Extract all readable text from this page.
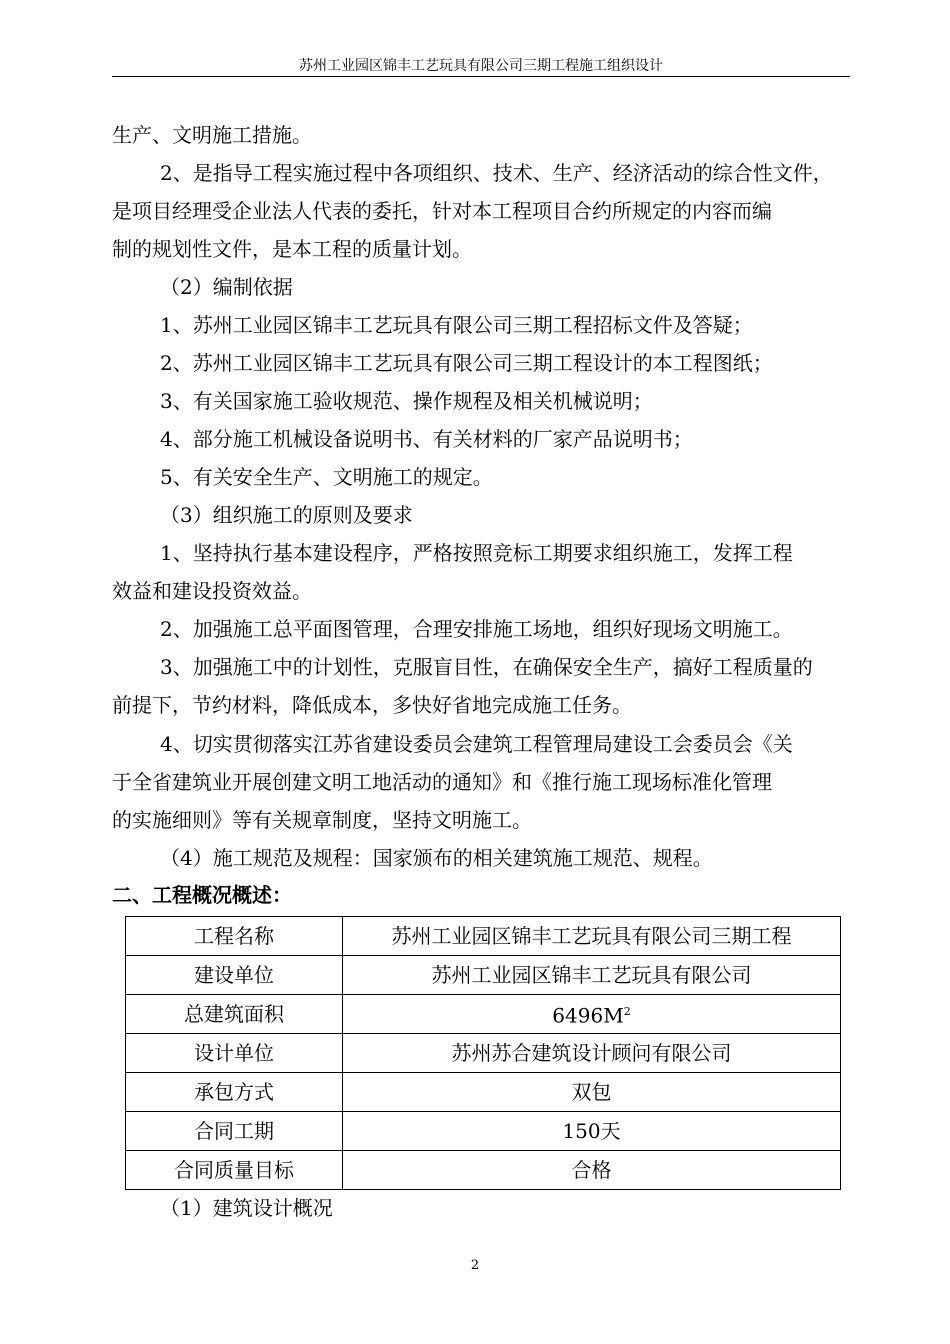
苏州工业园区锦丰工艺玩具有限公司三期工程施工组织设计
生产、文明施工措施。
2、是指导工程实施过程中各项组织、技术、生产、经济活动的综合性文件，
是项目经理受企业法人代表的委托，针对本工程项目合约所规定的内容而编
制的规划性文件，是本工程的质量计划。
（2）编制依据
1、苏州工业园区锦丰工艺玩具有限公司三期工程招标文件及答疑；
2、苏州工业园区锦丰工艺玩具有限公司三期工程设计的本工程图纸；
3、有关国家施工验收规范、操作规程及相关机械说明；
4、部分施工机械设备说明书、有关材料的厂家产品说明书；
5、有关安全生产、文明施工的规定。
（3）组织施工的原则及要求
1、坚持执行基本建设程序，严格按照竞标工期要求组织施工，发挥工程
效益和建设投资效益。
2、加强施工总平面图管理，合理安排施工场地，组织好现场文明施工。
3、加强施工中的计划性，克服盲目性，在确保安全生产，搞好工程质量的
前提下，节约材料，降低成本，多快好省地完成施工任务。
4、切实贯彻落实江苏省建设委员会建筑工程管理局建设工会委员会《关
于全省建筑业开展创建文明工地活动的通知》和《推行施工现场标准化管理
的实施细则》等有关规章制度，坚持文明施工。
（4）施工规范及规程：国家颁布的相关建筑施工规范、规程。
二、工程概况概述：
工程名称	苏州工业园区锦丰工艺玩具有限公司三期工程
建设单位	苏州工业园区锦丰工艺玩具有限公司
总建筑面积	$6496M^2$
设计单位	苏州苏合建筑设计顾问有限公司
承包方式	双包
合同工期	150天
合同质量目标	合格
（1）建筑设计概况
2
